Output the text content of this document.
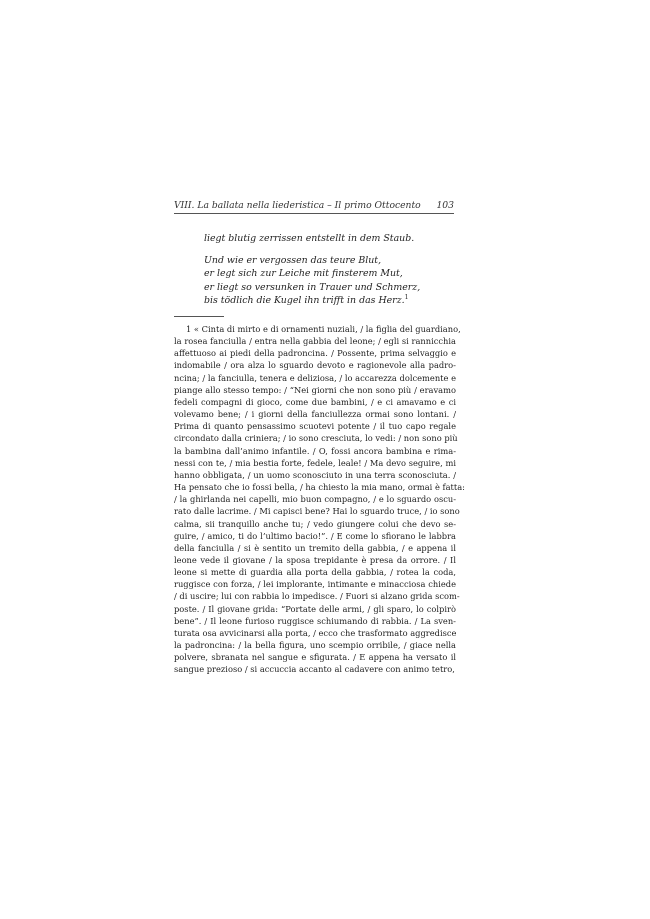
VIII. La ballata nella liederistica – Il primo Ottocento 103
liegt blutig zerrissen entstellt in dem Staub.
Und wie er vergossen das teure Blut,
er legt sich zur Leiche mit finsterem Mut,
er liegt so versunken in Trauer und Schmerz,
bis tödlich die Kugel ihn trifft in das Herz.$^1$
1 « Cinta di mirto e di ornamenti nuziali, / la figlia del guardiano,
la rosea fanciulla / entra nella gabbia del leone; / egli si rannicchia
affettuoso ai piedi della padroncina. / Possente, prima selvaggio e
indomabile / ora alza lo sguardo devoto e ragionevole alla padro-
ncina; / la fanciulla, tenera e deliziosa, / lo accarezza dolcemente e
piange allo stesso tempo: / “Nei giorni che non sono più / eravamo
fedeli compagni di gioco, come due bambini, / e ci amavamo e ci
volevamo bene; / i giorni della fanciullezza ormai sono lontani. /
Prima di quanto pensassimo scuotevi potente / il tuo capo regale
circondato dalla criniera; / io sono cresciuta, lo vedi: / non sono più
la bambina dall’animo infantile. / O, fossi ancora bambina e rima-
nessi con te, / mia bestia forte, fedele, leale! / Ma devo seguire, mi
hanno obbligata, / un uomo sconosciuto in una terra sconosciuta. /
Ha pensato che io fossi bella, / ha chiesto la mia mano, ormai è fatta:
/ la ghirlanda nei capelli, mio buon compagno, / e lo sguardo oscu-
rato dalle lacrime. / Mi capisci bene? Hai lo sguardo truce, / io sono
calma, sii tranquillo anche tu; / vedo giungere colui che devo se-
guire, / amico, ti do l’ultimo bacio!”. / E come lo sfiorano le labbra
della fanciulla / si è sentito un tremito della gabbia, / e appena il
leone vede il giovane / la sposa trepidante è presa da orrore. / Il
leone si mette di guardia alla porta della gabbia, / rotea la coda,
ruggisce con forza, / lei implorante, intimante e minacciosa chiede
/ di uscire; lui con rabbia lo impedisce. / Fuori si alzano grida scom-
poste. / Il giovane grida: “Portate delle armi, / gli sparo, lo colpirò
bene”. / Il leone furioso ruggisce schiumando di rabbia. / La sven-
turata osa avvicinarsi alla porta, / ecco che trasformato aggredisce
la padroncina: / la bella figura, uno scempio orribile, / giace nella
polvere, sbranata nel sangue e sfigurata. / E appena ha versato il
sangue prezioso / si accuccia accanto al cadavere con animo tetro,
